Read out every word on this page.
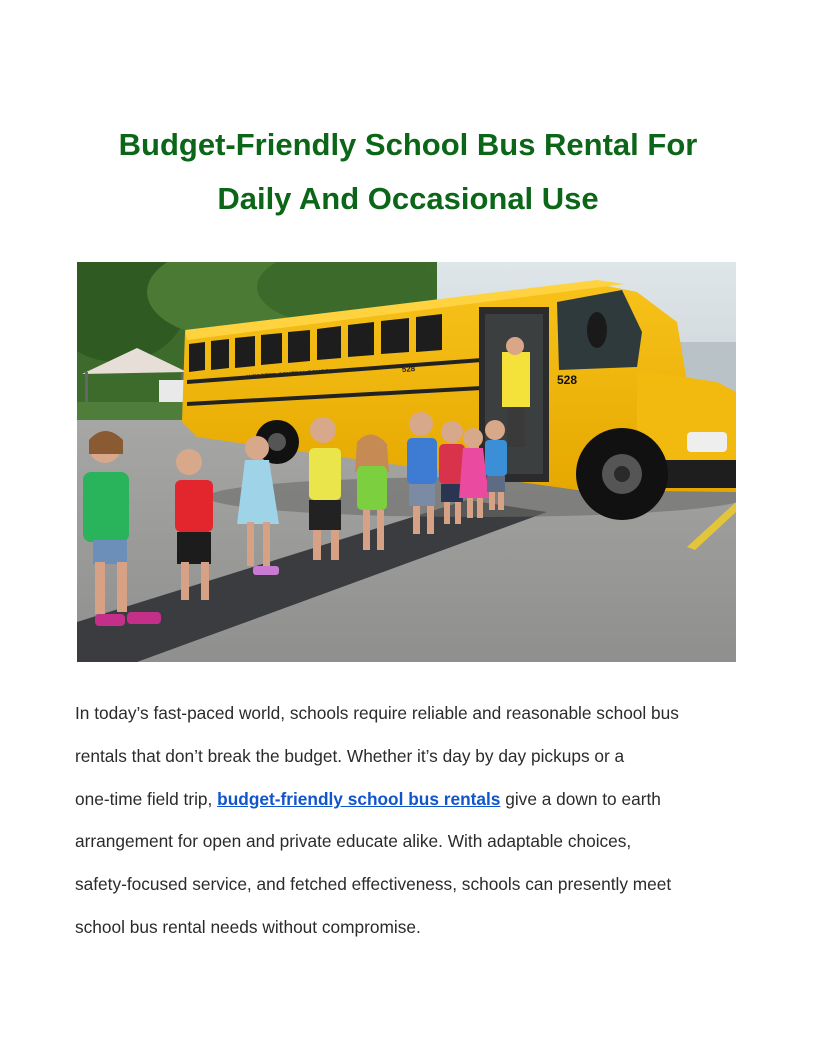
Budget-Friendly School Bus Rental For
Daily And Occasional Use
WEBSTER CENTRAL SCHOOL	528
528

In today’s fast-paced world, schools require reliable and reasonable school bus
rentals that don’t break the budget. Whether it’s day by day pickups or a
one-time field trip, budget-friendly school bus rentals give a down to earth
arrangement for open and private educate alike. With adaptable choices,
safety-focused service, and fetched effectiveness, schools can presently meet
school bus rental needs without compromise.
